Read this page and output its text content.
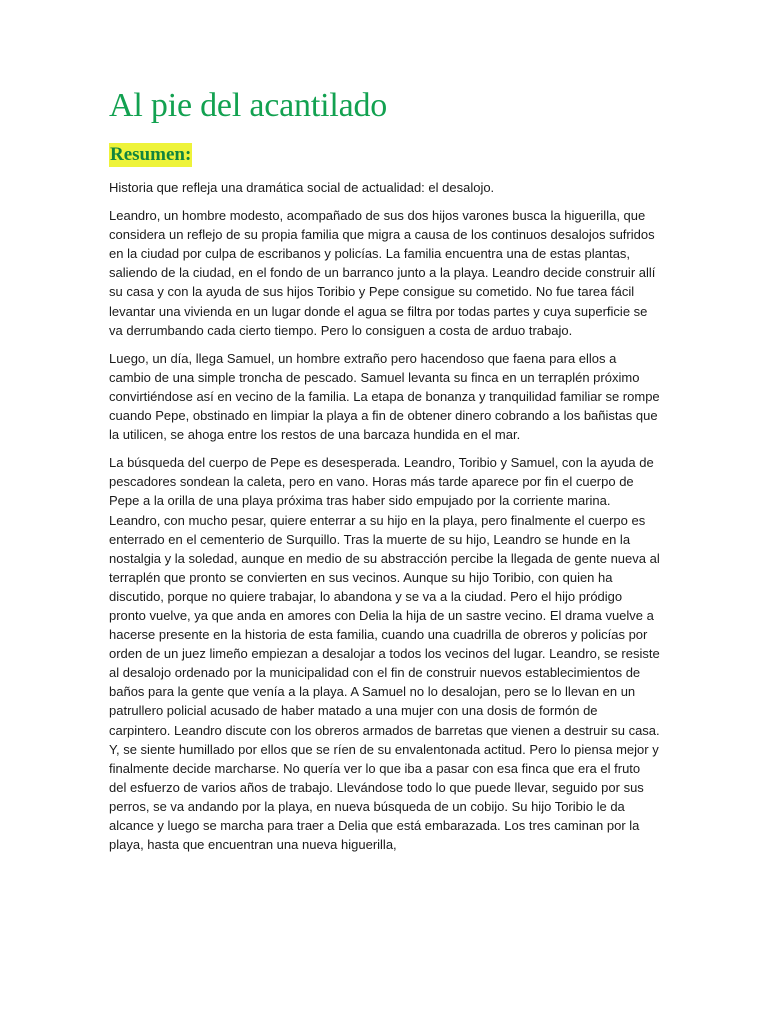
Al pie del acantilado
Resumen:

Historia que refleja una dramática social de actualidad: el desalojo.

Leandro, un hombre modesto, acompañado de sus dos hijos varones busca la higuerilla, que considera un reflejo de su propia familia que migra a causa de los continuos desalojos sufridos en la ciudad por culpa de escribanos y policías. La familia encuentra una de estas plantas, saliendo de la ciudad, en el fondo de un barranco junto a la playa. Leandro decide construir allí su casa y con la ayuda de sus hijos Toribio y Pepe consigue su cometido. No fue tarea fácil levantar una vivienda en un lugar donde el agua se filtra por todas partes y cuya superficie se va derrumbando cada cierto tiempo. Pero lo consiguen a costa de arduo trabajo.

Luego, un día, llega Samuel, un hombre extraño pero hacendoso que faena para ellos a cambio de una simple troncha de pescado. Samuel levanta su finca en un terraplén próximo convirtiéndose así en vecino de la familia. La etapa de bonanza y tranquilidad familiar se rompe cuando Pepe, obstinado en limpiar la playa a fin de obtener dinero cobrando a los bañistas que la utilicen, se ahoga entre los restos de una barcaza hundida en el mar.

La búsqueda del cuerpo de Pepe es desesperada. Leandro, Toribio y Samuel, con la ayuda de pescadores sondean la caleta, pero en vano. Horas más tarde aparece por fin el cuerpo de Pepe a la orilla de una playa próxima tras haber sido empujado por la corriente marina. Leandro, con mucho pesar, quiere enterrar a su hijo en la playa, pero finalmente el cuerpo es enterrado en el cementerio de Surquillo. Tras la muerte de su hijo, Leandro se hunde en la nostalgia y la soledad, aunque en medio de su abstracción percibe la llegada de gente nueva al terraplén que pronto se convierten en sus vecinos. Aunque su hijo Toribio, con quien ha discutido, porque no quiere trabajar, lo abandona y se va a la ciudad. Pero el hijo pródigo pronto vuelve, ya que anda en amores con Delia la hija de un sastre vecino. El drama vuelve a hacerse presente en la historia de esta familia, cuando una cuadrilla de obreros y policías por orden de un juez limeño empiezan a desalojar a todos los vecinos del lugar. Leandro, se resiste al desalojo ordenado por la municipalidad con el fin de construir nuevos establecimientos de baños para la gente que venía a la playa. A Samuel no lo desalojan, pero se lo llevan en un patrullero policial acusado de haber matado a una mujer con una dosis de formón de carpintero. Leandro discute con los obreros armados de barretas que vienen a destruir su casa. Y, se siente humillado por ellos que se ríen de su envalentonada actitud. Pero lo piensa mejor y finalmente decide marcharse. No quería ver lo que iba a pasar con esa finca que era el fruto del esfuerzo de varios años de trabajo. Llevándose todo lo que puede llevar, seguido por sus perros, se va andando por la playa, en nueva búsqueda de un cobijo. Su hijo Toribio le da alcance y luego se marcha para traer a Delia que está embarazada. Los tres caminan por la playa, hasta que encuentran una nueva higuerilla,
